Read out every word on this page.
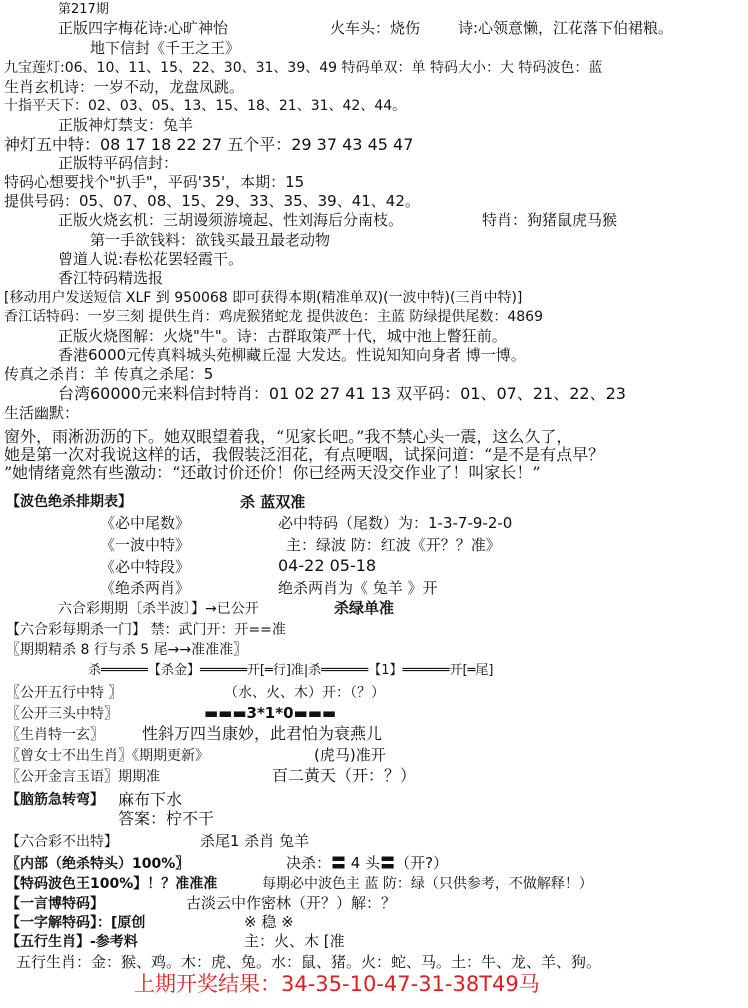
第217期
正版四字梅花诗:心旷神怡	火车头：烧伤	诗:心领意懒，江花落下伯裙粮。
地下信封《千王之王》
九宝莲灯:06、10、11、15、22、30、31、39、49 特码单双：单 特码大小：大 特码波色：蓝
生肖玄机诗：一岁不动，龙盘凤跳。
十指平天下：02、03、05、13、15、18、21、31、42、44。
正版神灯禁支：兔羊
神灯五中特：08 17 18 22 27 五个平：29 37 43 45 47
正版特平码信封：
特码心想要找个"扒手"，平码'35'，本期：15
提供号码：05、07、08、15、29、33、35、39、41、42。
正版火烧玄机：三胡谩须游境起、性刘海后分南枝。	特肖：狗猪鼠虎马猴
第一手欲钱料：欲钱买最丑最老动物
曾道人说:春松花罢轻霞干。
香江特码精选报
[移动用户发送短信 XLF 到 950068 即可获得本期(精准单双)(一波中特)(三肖中特)]
香江话特码：一岁三刻 提供生肖：鸡虎猴猪蛇龙 提供波色：主蓝 防绿提供尾数：4869
正版火烧图解：火烧"牛"。诗：古群取策严十代，城中池上瞥狂前。
香港6000元传真料城头苑柳藏丘湿 大发达。性说知知向身者 博一博。
传真之杀肖：羊 传真之杀尾：5
台湾60000元来料信封特肖：01 02 27 41 13 双平码：01、07、21、22、23
生活幽默：
窗外，雨淅沥沥的下。她双眼望着我，“见家长吧。”我不禁心头一震，这么久了，
她是第一次对我说这样的话，我假装泛泪花，有点哽咽，试探问道：“是不是有点早？
”她情绪竟然有些激动：“还敢讨价还价！你已经两天没交作业了！叫家长！”
【波色绝杀排期表】	杀 蓝双准
《必中尾数》	必中特码（尾数）为：1-3-7-9-2-0
《一波中特》	主：绿波 防：红波《开？？准》
《必中特段》	04-22 05-18
《绝杀两肖》	绝杀两肖为《 兔羊 》开
六合彩期期〔杀半波〕】→已公开	杀绿单准
【六合彩每期杀一门】 禁：武门开：开==准
〖期期精杀 8 行与杀 5 尾→→准准准〗
杀══════【杀金】══════开[═行]准|杀══════【1】══════开[═尾]
〖公开五行中特 〗	（水、火、木）开：（？）
〖公开三头中特〗	▬▬▬3*1*0▬▬▬
〖生肖特一玄〗 性斜万四当康妙，此君怕为衰燕儿
〖曾女士不出生肖〗《期期更新》	(虎马)准开
〖公开金言玉语〗期期准	百二黄天（开：？）
【脑筋急转弯】 麻布下水
答案：柠不干
【六合彩不出特】	杀尾1 杀肖 兔羊
〖内部（绝杀特头）100%〗	决杀：〓 4 头〓（开?）
【特码波色王100%】！？准准准	每期必中波色主 蓝 防：绿（只供参考，不做解释！）
【一言博特码】	古淡云中作密林（开？）解：？
【一字解特码】：[原创	※ 稳 ※
【五行生肖】-参考料	主：火、木 [准
五行生肖：金：猴、鸡。木：虎、兔。水：鼠、猪。火：蛇、马。土：牛、龙、羊、狗。
上期开奖结果：34-35-10-47-31-38T49马
